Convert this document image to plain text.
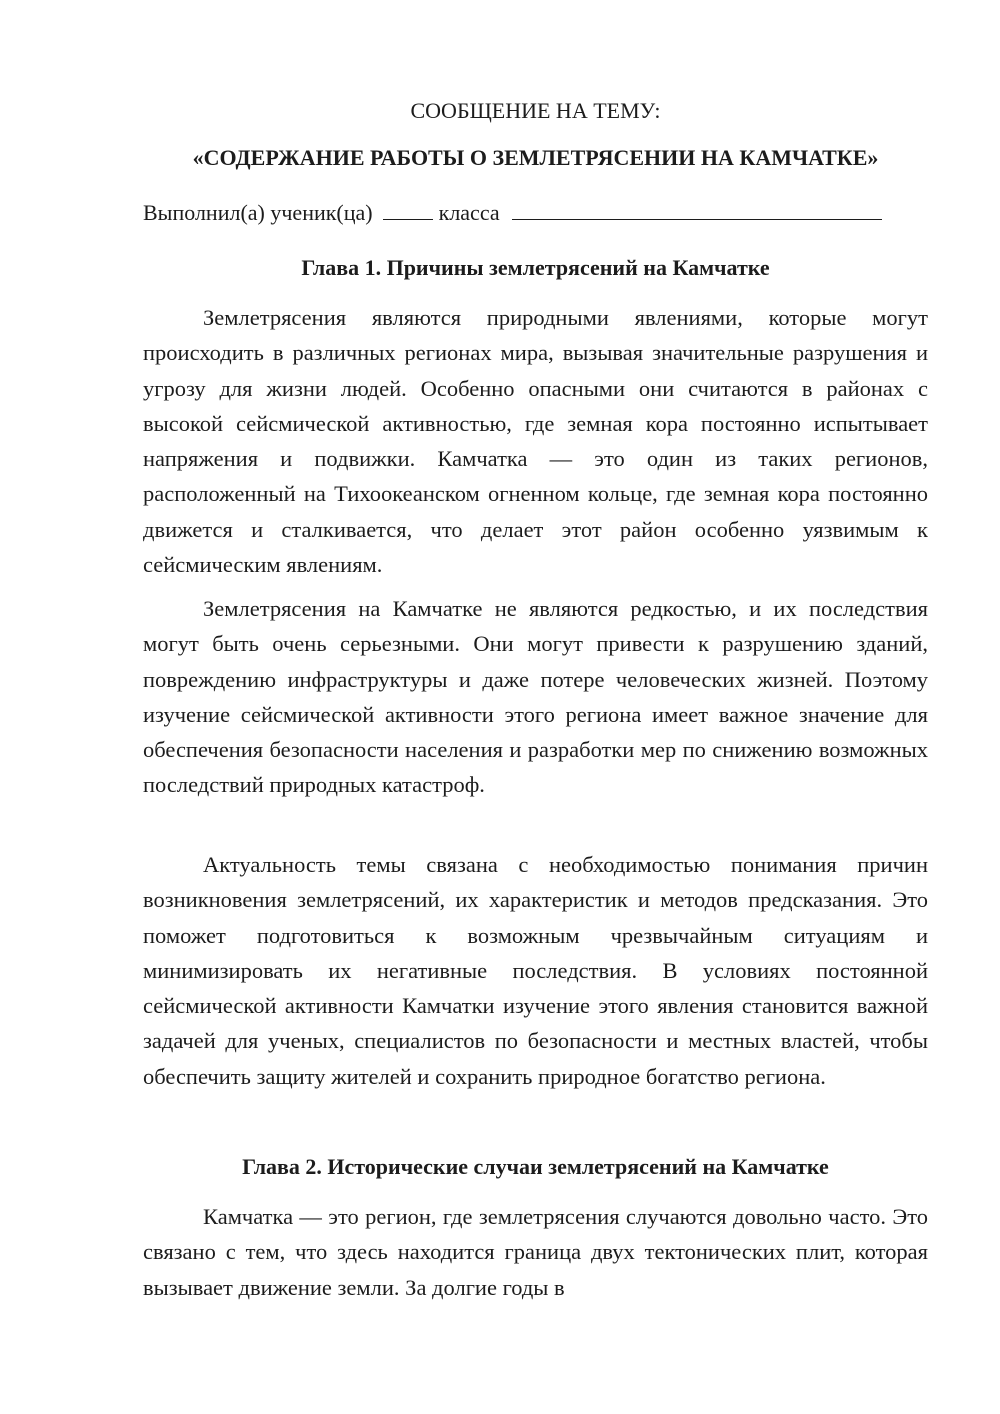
СООБЩЕНИЕ НА ТЕМУ:
«СОДЕРЖАНИЕ РАБОТЫ О ЗЕМЛЕТРЯСЕНИИ НА КАМЧАТКЕ»
Выполнил(а) ученик(ца)	класса
Глава 1. Причины землетрясений на Камчатке

Землетрясения являются природными явлениями, которые могут происходить в различных регионах мира, вызывая значительные разрушения и угрозу для жизни людей. Особенно опасными они считаются в районах с высокой сейсмической активностью, где земная кора постоянно испытывает напряжения и подвижки. Камчатка — это один из таких регионов, расположенный на Тихоокеанском огненном кольце, где земная кора постоянно движется и сталкивается, что делает этот район особенно уязвимым к сейсмическим явлениям.

Землетрясения на Камчатке не являются редкостью, и их последствия могут быть очень серьезными. Они могут привести к разрушению зданий, повреждению инфраструктуры и даже потере человеческих жизней. Поэтому изучение сейсмической активности этого региона имеет важное значение для обеспечения безопасности населения и разработки мер по снижению возможных последствий природных катастроф.

Актуальность темы связана с необходимостью понимания причин возникновения землетрясений, их характеристик и методов предсказания. Это поможет подготовиться к возможным чрезвычайным ситуациям и минимизировать их негативные последствия. В условиях постоянной сейсмической активности Камчатки изучение этого явления становится важной задачей для ученых, специалистов по безопасности и местных властей, чтобы обеспечить защиту жителей и сохранить природное богатство региона.

Глава 2. Исторические случаи землетрясений на Камчатке

Камчатка — это регион, где землетрясения случаются довольно часто. Это связано с тем, что здесь находится граница двух тектонических плит, которая вызывает движение земли. За долгие годы в
